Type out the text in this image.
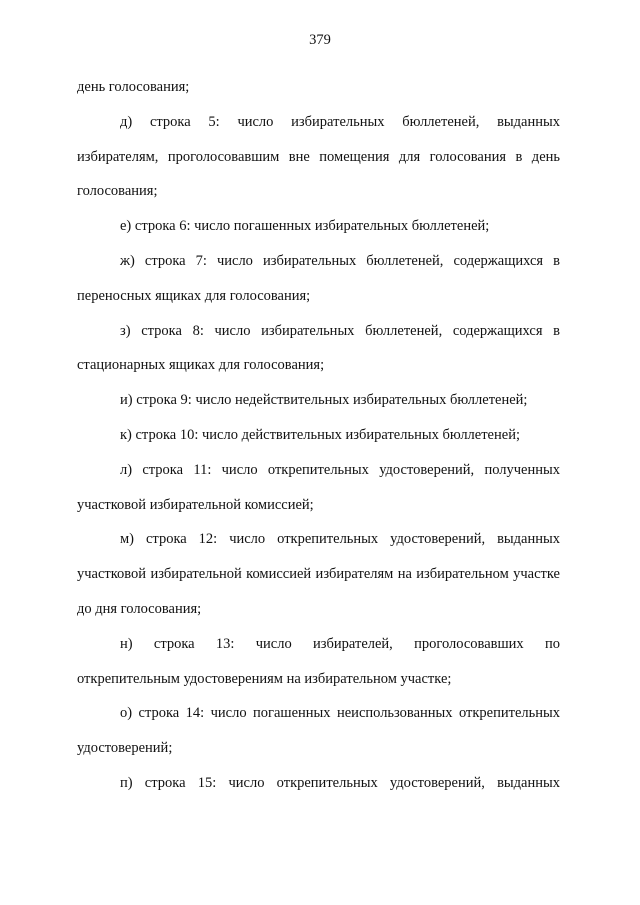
379

день голосования;

д) строка 5: число избирательных бюллетеней, выданных избирателям, проголосовавшим вне помещения для голосования в день голосования;

е) строка 6: число погашенных избирательных бюллетеней;

ж) строка 7: число избирательных бюллетеней, содержащихся в переносных ящиках для голосования;

з) строка 8: число избирательных бюллетеней, содержащихся в стационарных ящиках для голосования;

и) строка 9: число недействительных избирательных бюллетеней;

к) строка 10: число действительных избирательных бюллетеней;

л) строка 11: число открепительных удостоверений, полученных участковой избирательной комиссией;

м) строка 12: число открепительных удостоверений, выданных участковой избирательной комиссией избирателям на избирательном участке до дня голосования;

н) строка 13: число избирателей, проголосовавших по открепительным удостоверениям на избирательном участке;

о) строка 14: число погашенных неиспользованных открепительных удостоверений;

п) строка 15: число открепительных удостоверений, выданных
